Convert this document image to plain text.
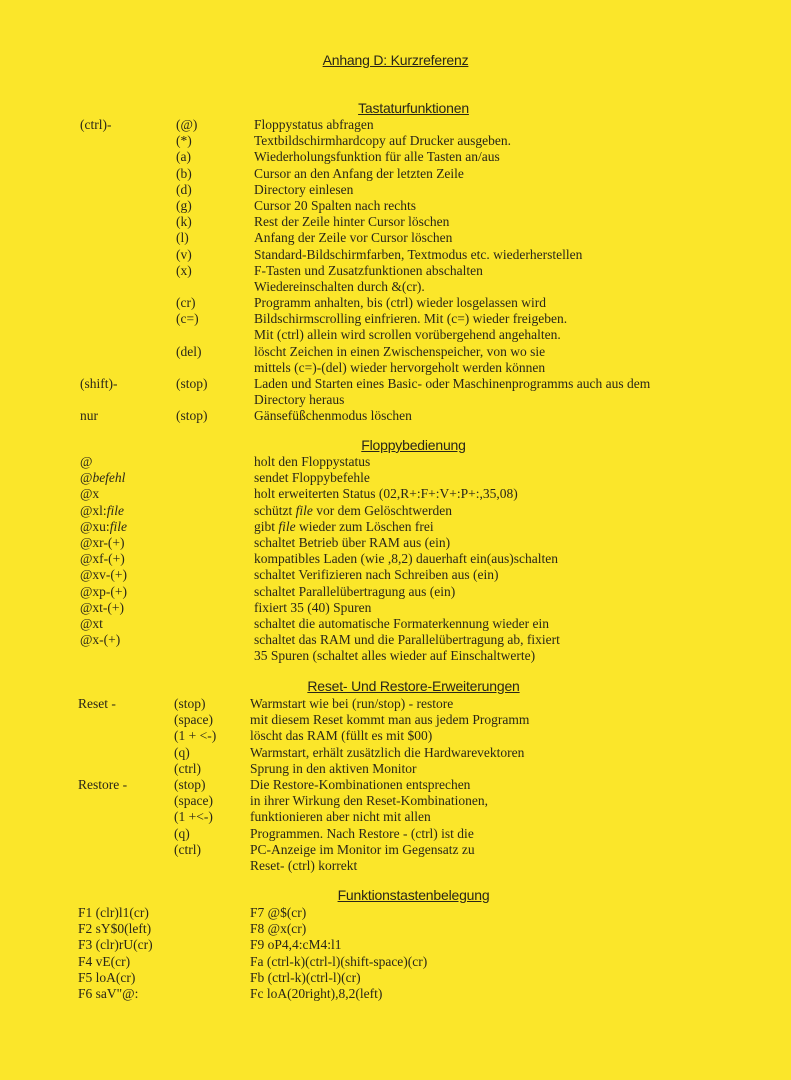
Anhang D: Kurzreferenz
Tastaturfunktionen
(ctrl)-
(shift)-
nur
(@)
(*)
(a)
(b)
(d)
(g)
(k)
(l)
(v)
(x)
(cr)
(c=)
(del)
(stop)
(stop)
Floppystatus abfragen
Textbildschirmhardcopy auf Drucker ausgeben.
Wiederholungsfunktion für alle Tasten an/aus
Cursor an den Anfang der letzten Zeile
Directory einlesen
Cursor 20 Spalten nach rechts
Rest der Zeile hinter Cursor löschen
Anfang der Zeile vor Cursor löschen
Standard-Bildschirmfarben, Textmodus etc. wiederherstellen
F-Tasten und Zusatzfunktionen abschalten
Wiedereinschalten durch &(cr).
Programm anhalten, bis (ctrl) wieder losgelassen wird
Bildschirmscrolling einfrieren. Mit (c=) wieder freigeben.
Mit (ctrl) allein wird scrollen vorübergehend angehalten.
löscht Zeichen in einen Zwischenspeicher, von wo sie
mittels (c=)-(del) wieder hervorgeholt werden können
Laden und Starten eines Basic- oder Maschinenprogramms auch aus dem
Directory heraus
Gänsefüßchenmodus löschen
Floppybedienung
@
@befehl
@x
@xl:file
@xu:file
@xr-(+)
@xf-(+)
@xv-(+)
@xp-(+)
@xt-(+)
@xt
@x-(+)
holt den Floppystatus
sendet Floppybefehle
holt erweiterten Status (02,R+:F+:V+:P+:,35,08)
schützt file vor dem Gelöschtwerden
gibt file wieder zum Löschen frei
schaltet Betrieb über RAM aus (ein)
kompatibles Laden (wie ,8,2) dauerhaft ein(aus)schalten
schaltet Verifizieren nach Schreiben aus (ein)
schaltet Parallelübertragung aus (ein)
fixiert 35 (40) Spuren
schaltet die automatische Formaterkennung wieder ein
schaltet das RAM und die Parallelübertragung ab, fixiert
35 Spuren (schaltet alles wieder auf Einschaltwerte)
Reset- Und Restore-Erweiterungen
Reset -
Restore -
(stop)
(space)
(1 + <-)
(q)
(ctrl)
(stop)
(space)
(1 +<-)
(q)
(ctrl)
Warmstart wie bei (run/stop) - restore
mit diesem Reset kommt man aus jedem Programm
löscht das RAM (füllt es mit $00)
Warmstart, erhält zusätzlich die Hardwarevektoren
Sprung in den aktiven Monitor
Die Restore-Kombinationen entsprechen
in ihrer Wirkung den Reset-Kombinationen,
funktionieren aber nicht mit allen
Programmen. Nach Restore - (ctrl) ist die
PC-Anzeige im Monitor im Gegensatz zu
Reset- (ctrl) korrekt
Funktionstastenbelegung
F1 (clr)l1(cr)
F2 sY$0(left)
F3 (clr)rU(cr)
F4 vE(cr)
F5 loA(cr)
F6 saV"@:
F7 @$(cr)
F8 @x(cr)
F9 oP4,4:cM4:l1
Fa (ctrl-k)(ctrl-l)(shift-space)(cr)
Fb (ctrl-k)(ctrl-l)(cr)
Fc loA(20right),8,2(left)
